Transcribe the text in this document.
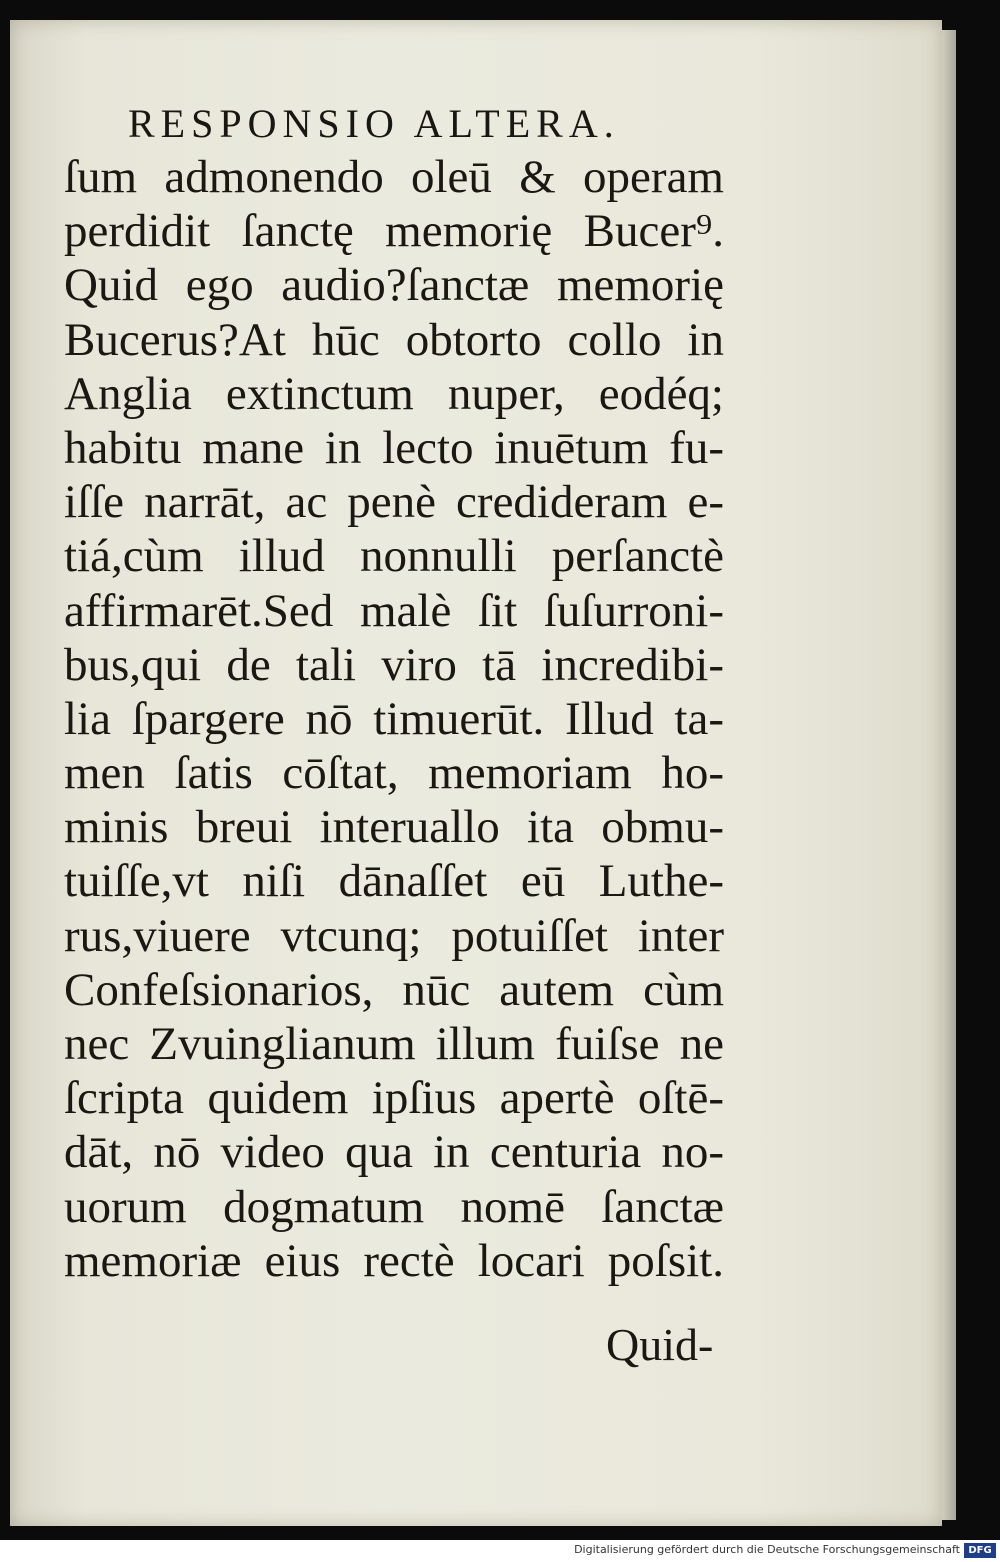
RESPONSIO ALTERA.
ſum admonendo oleū & operam
perdidit ſanctę memorię Bucer⁹.
Quid ego audio?ſanctæ memorię
Bucerus?At hūc obtorto collo in
Anglia extinctum nuper, eodéq;
habitu mane in lecto inuētum fu-
iſſe narrāt, ac penè credideram e-
tiá,cùm illud nonnulli perſanctè
affirmarēt.Sed malè ſit ſuſurroni-
bus,qui de tali viro tā incredibi-
lia ſpargere nō timuerūt. Illud ta-
men ſatis cōſtat, memoriam ho-
minis breui interuallo ita obmu-
tuiſſe,vt niſi dānaſſet eū Luthe-
rus,viuere vtcunq; potuiſſet inter
Confeſsionarios, nūc autem cùm
nec Zvuinglianum illum fuiſse ne
ſcripta quidem ipſius apertè oſtē-
dāt, nō video qua in centuria no-
uorum dogmatum nomē ſanctæ
memoriæ eius rectè locari poſsit.
Quid-
Digitalisierung gefördert durch die Deutsche Forschungsgemeinschaft DFG
